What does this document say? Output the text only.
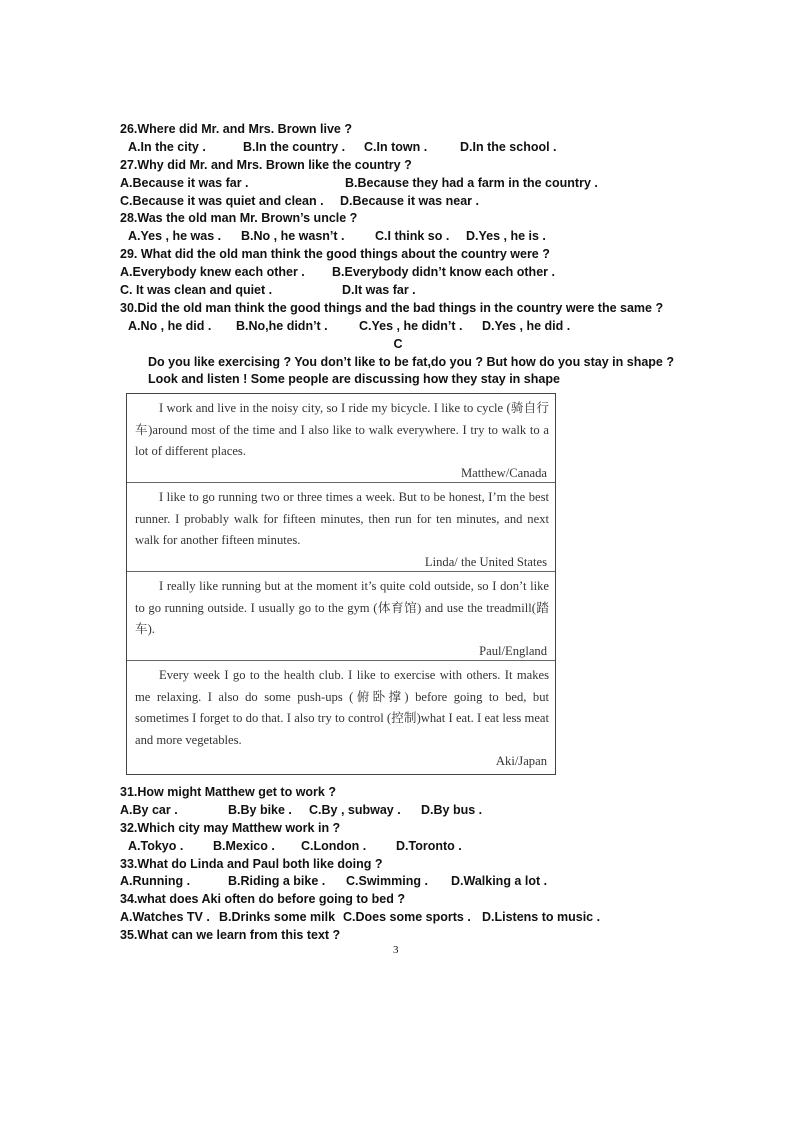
26.Where did Mr. and Mrs. Brown live ?
A.In the city .	B.In the country . C.In town .	D.In the school .
27.Why did Mr. and Mrs. Brown like the country ?
A.Because it was far .	B.Because they had a farm in the country .
C.Because it was quiet and clean . D.Because it was near .
28.Was the old man Mr. Brown’s uncle ?
A.Yes , he was . B.No , he wasn’t . C.I think so . D.Yes , he is .
29. What did the old man think the good things about the country were ?
A.Everybody knew each other . B.Everybody didn’t know each other .
C. It was clean and quiet .	D.It was far .
30.Did the old man think the good things and the bad things in the country were the same ?
A.No , he did . B.No,he didn’t .	C.Yes , he didn’t . D.Yes , he did .
C
Do you like exercising ? You don’t like to be fat,do you ? But how do you stay in shape ?
Look and listen ! Some people are discussing how they stay in shape

I work and live in the noisy city, so I ride my bicycle. I like to cycle (骑自行车)around most of the time and I also like to walk everywhere. I try to walk to a lot of different places.

Matthew/Canada

I like to go running two or three times a week. But to be honest, I’m the best runner. I probably walk for fifteen minutes, then run for ten minutes, and next walk for another fifteen minutes.

Linda/ the United States

I really like running but at the moment it’s quite cold outside, so I don’t like to go running outside. I usually go to the gym (体育馆) and use the treadmill(踏车).

Paul/England

Every week I go to the health club. I like to exercise with others. It makes me relaxing. I also do some push-ups (俯卧撑) before going to bed, but sometimes I forget to do that. I also try to control (控制)what I eat. I eat less meat and more vegetables.

Aki/Japan
31.How might Matthew get to work ?
A.By car .	B.By bike . C.By , subway . D.By bus .
32.Which city may Matthew work in ?
A.Tokyo . B.Mexico . C.London . D.Toronto .
33.What do Linda and Paul both like doing ?
A.Running .	B.Riding a bike . C.Swimming . D.Walking a lot .
34.what does Aki often do before going to bed ?
A.Watches TV . B.Drinks some milk C.Does some sports . D.Listens to music .
35.What can we learn from this text ?
3
